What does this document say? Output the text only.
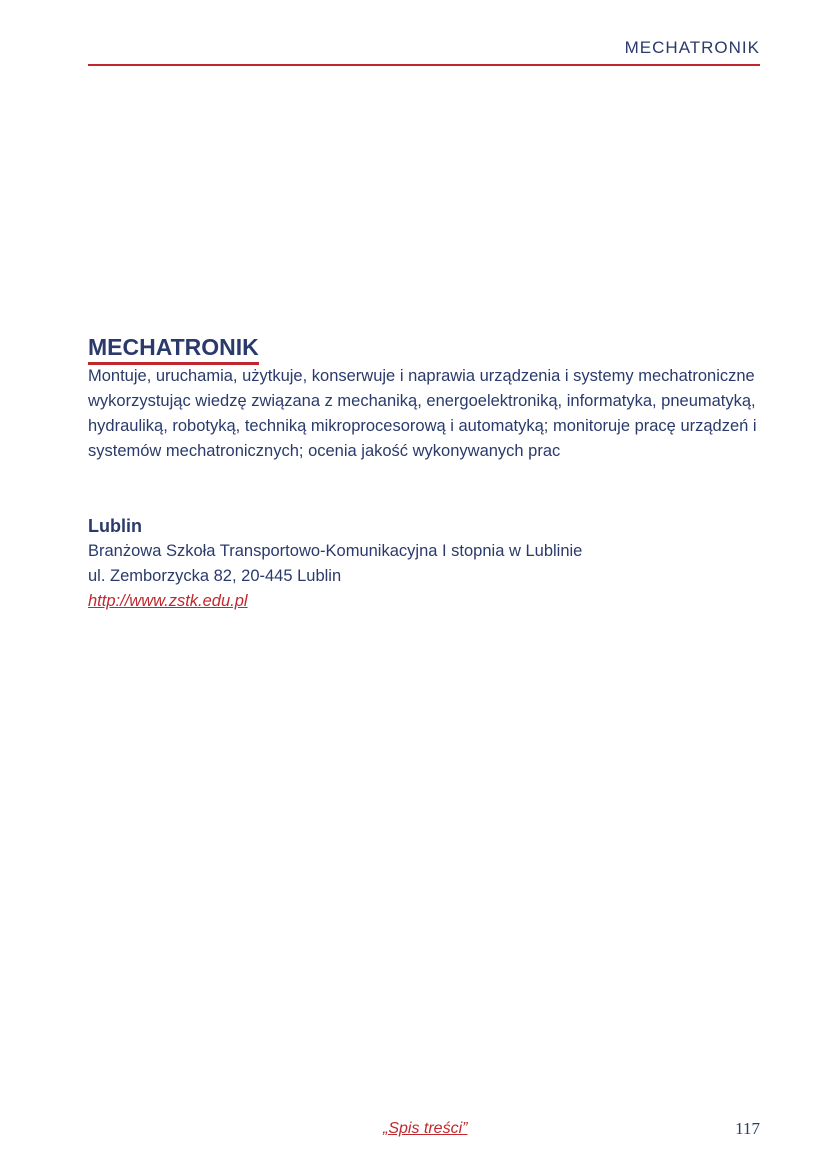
MECHATRONIK
MECHATRONIK

Montuje, uruchamia, użytkuje, konserwuje i naprawia urządzenia i systemy mechatroniczne wykorzystując wiedzę związana z mechaniką, energoelektroniką, informatyka, pneumatyką, hydrauliką, robotyką, techniką mikroprocesorową i automatyką; monitoruje pracę urządzeń i systemów mechatronicznych; ocenia jakość wykonywanych prac

Lublin
Branżowa Szkoła Transportowo-Komunikacyjna I stopnia w Lublinie
ul. Zemborzycka 82, 20-445 Lublin
http://www.zstk.edu.pl
„Spis treści”	117
